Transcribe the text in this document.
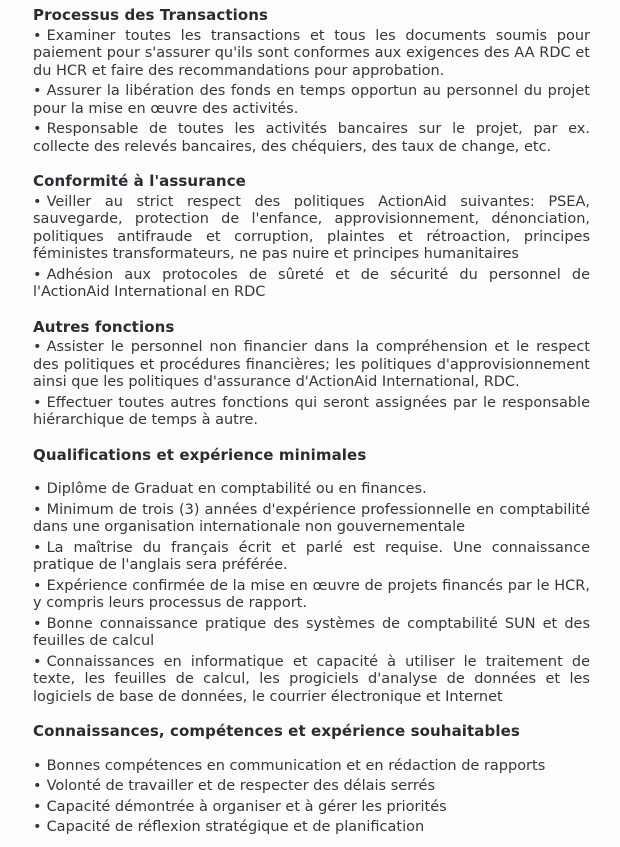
Processus des Transactions

• Examiner toutes les transactions et tous les documents soumis pour paiement pour s'assurer qu'ils sont conformes aux exigences des AA RDC et du HCR et faire des recommandations pour approbation.

• Assurer la libération des fonds en temps opportun au personnel du projet pour la mise en œuvre des activités.

• Responsable de toutes les activités bancaires sur le projet, par ex. collecte des relevés bancaires, des chéquiers, des taux de change, etc.

Conformité à l'assurance

• Veiller au strict respect des politiques ActionAid suivantes: PSEA, sauvegarde, protection de l'enfance, approvisionnement, dénonciation, politiques antifraude et corruption, plaintes et rétroaction, principes féministes transformateurs, ne pas nuire et principes humanitaires

• Adhésion aux protocoles de sûreté et de sécurité du personnel de l'ActionAid International en RDC

Autres fonctions

• Assister le personnel non financier dans la compréhension et le respect des politiques et procédures financières; les politiques d'approvisionnement ainsi que les politiques d'assurance d'ActionAid International, RDC.

• Effectuer toutes autres fonctions qui seront assignées par le responsable hiérarchique de temps à autre.

Qualifications et expérience minimales

• Diplôme de Graduat en comptabilité ou en finances.

• Minimum de trois (3) années d'expérience professionnelle en comptabilité dans une organisation internationale non gouvernementale

• La maîtrise du français écrit et parlé est requise. Une connaissance pratique de l'anglais sera préférée.

• Expérience confirmée de la mise en œuvre de projets financés par le HCR, y compris leurs processus de rapport.

• Bonne connaissance pratique des systèmes de comptabilité SUN et des feuilles de calcul

• Connaissances en informatique et capacité à utiliser le traitement de texte, les feuilles de calcul, les progiciels d'analyse de données et les logiciels de base de données, le courrier électronique et Internet

Connaissances, compétences et expérience souhaitables

• Bonnes compétences en communication et en rédaction de rapports

• Volonté de travailler et de respecter des délais serrés

• Capacité démontrée à organiser et à gérer les priorités

• Capacité de réflexion stratégique et de planification
